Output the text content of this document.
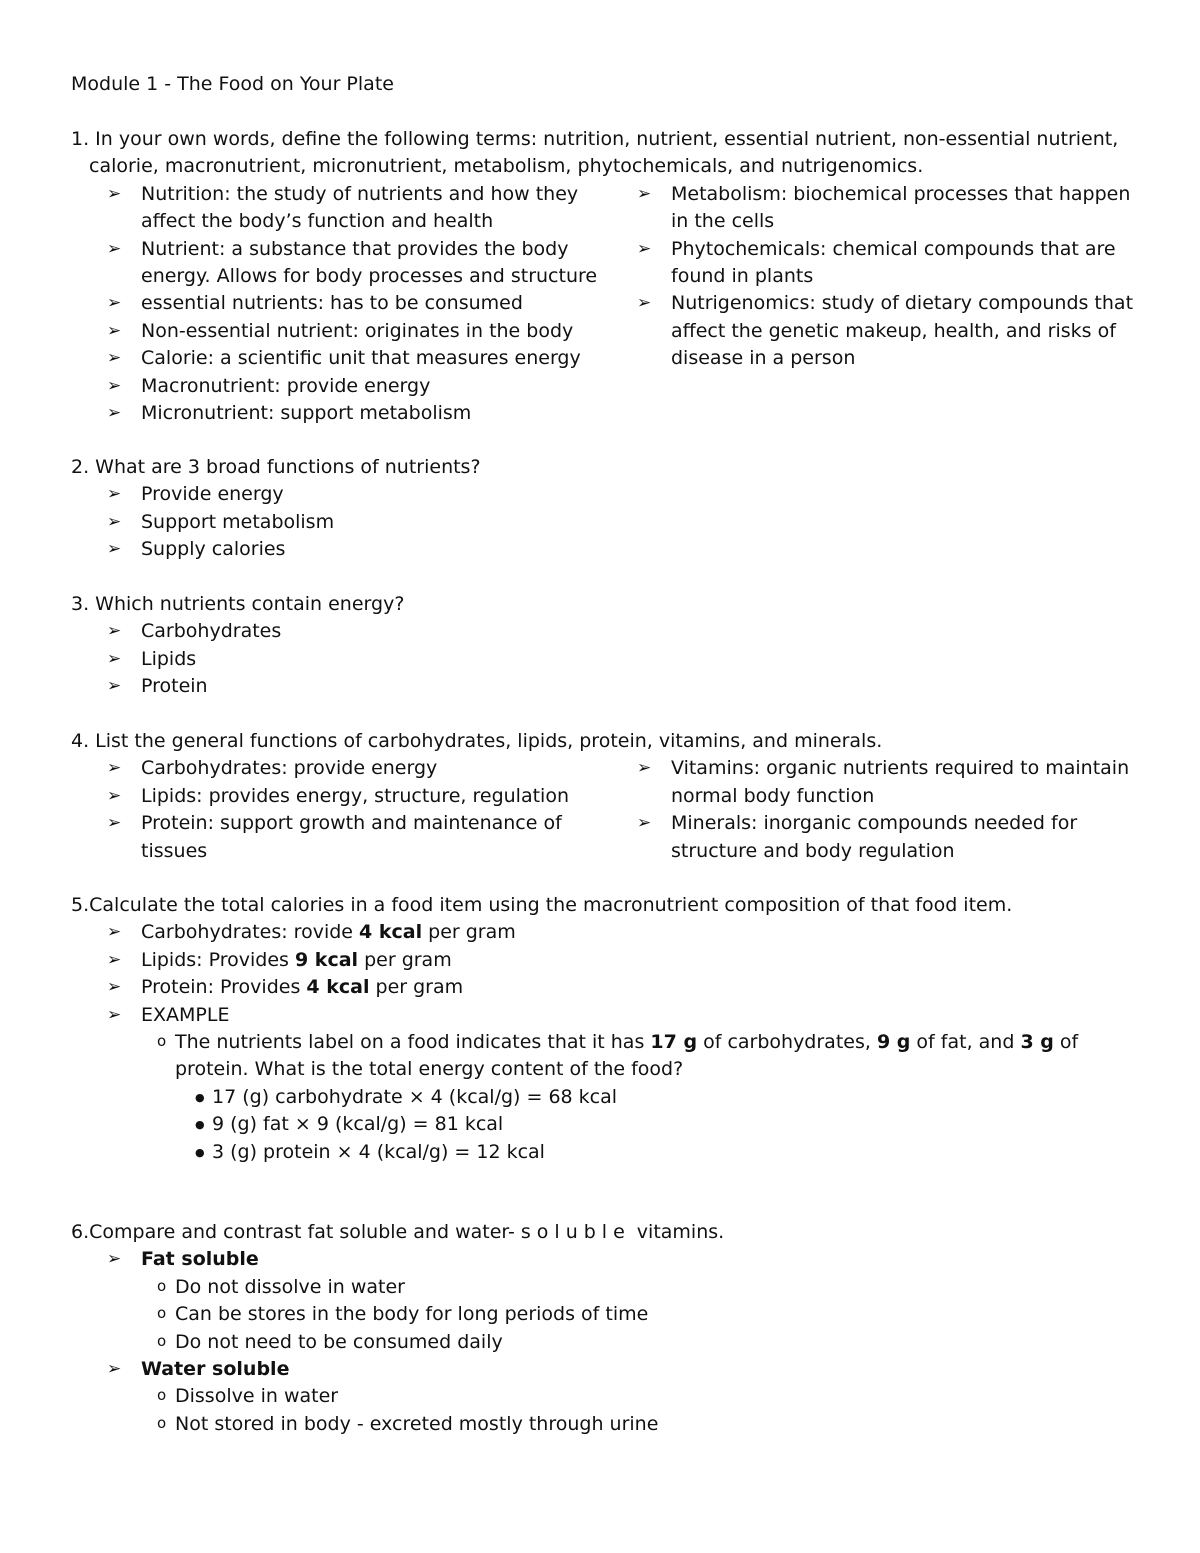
Module 1 - The Food on Your Plate
1. In your own words, define the following terms: nutrition, nutrient, essential nutrient, non-essential nutrient, calorie, macronutrient, micronutrient, metabolism, phytochemicals, and nutrigenomics.
➢ Nutrition: the study of nutrients and how they affect the body’s function and health
➢ Nutrient: a substance that provides the body energy. Allows for body processes and structure
➢ essential nutrients: has to be consumed
➢ Non-essential nutrient: originates in the body
➢ Calorie: a scientific unit that measures energy
➢ Macronutrient: provide energy
➢ Micronutrient: support metabolism
➢ Metabolism: biochemical processes that happen in the cells
➢ Phytochemicals: chemical compounds that are found in plants
➢ Nutrigenomics: study of dietary compounds that affect the genetic makeup, health, and risks of disease in a person
2. What are 3 broad functions of nutrients?
➢ Provide energy
➢ Support metabolism
➢ Supply calories
3. Which nutrients contain energy?
➢ Carbohydrates
➢ Lipids
➢ Protein
4. List the general functions of carbohydrates, lipids, protein, vitamins, and minerals.
➢ Carbohydrates: provide energy
➢ Lipids: provides energy, structure, regulation
➢ Protein: support growth and maintenance of tissues
➢ Vitamins: organic nutrients required to maintain normal body function
➢ Minerals: inorganic compounds needed for structure and body regulation
5.Calculate the total calories in a food item using the macronutrient composition of that food item.
➢ Carbohydrates: rovide 4 kcal per gram
➢ Lipids: Provides 9 kcal per gram
➢ Protein: Provides 4 kcal per gram
➢ EXAMPLE
o The nutrients label on a food indicates that it has 17 g of carbohydrates, 9 g of fat, and 3 g of protein. What is the total energy content of the food?
● 17 (g) carbohydrate × 4 (kcal/g) = 68 kcal
● 9 (g) fat × 9 (kcal/g) = 81 kcal
● 3 (g) protein × 4 (kcal/g) = 12 kcal
6.Compare and contrast fat soluble and water- soluble vitamins.
➢ Fat soluble
o Do not dissolve in water
o Can be stores in the body for long periods of time
o Do not need to be consumed daily
➢ Water soluble
o Dissolve in water
o Not stored in body - excreted mostly through urine
